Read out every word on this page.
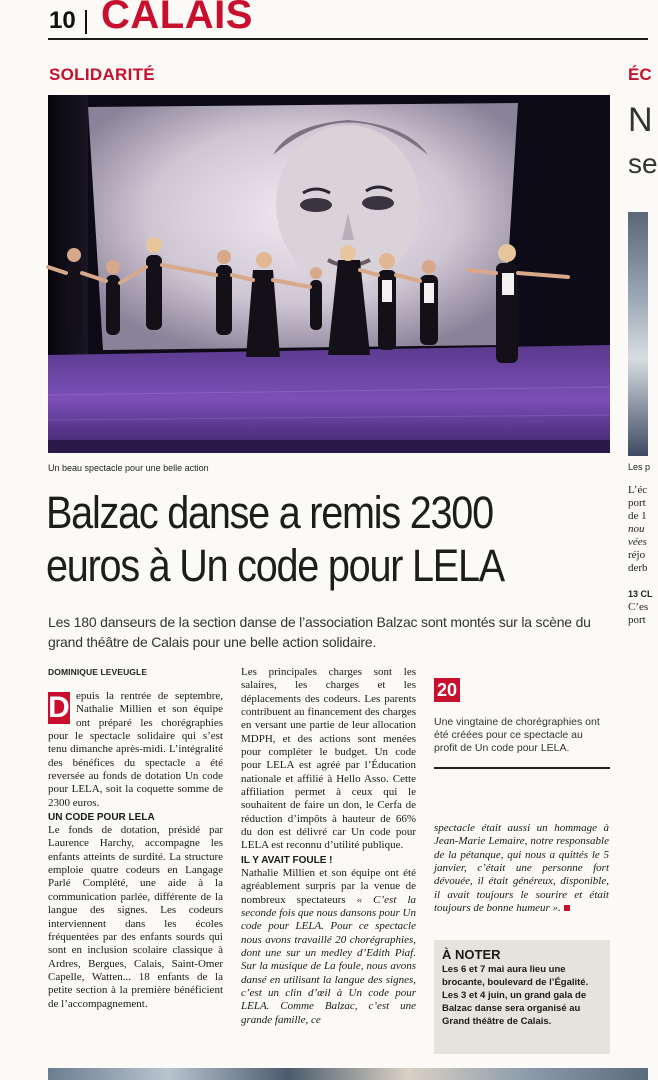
10 CALAIS
SOLIDARITÉ
Un beau spectacle pour une belle action
Balzac danse a remis 2300
euros à Un code pour LELA
Les 180 danseurs de la section danse de l’association Balzac sont montés sur la scène du grand théâtre de Calais pour une belle action solidaire.
DOMINIQUE LEVEUGLE

D epuis la rentrée de septembre, Nathalie Millien et son équipe ont préparé les chorégraphies pour le spectacle solidaire qui s’est tenu dimanche après-midi. L’intégralité des bénéfices du spectacle a été reversée au fonds de dotation Un code pour LELA, soit la coquette somme de 2300 euros.

UN CODE POUR LELA

Le fonds de dotation, présidé par Laurence Harchy, accompagne les enfants atteints de surdité. La structure emploie quatre codeurs en Langage Parlé Complété, une aide à la communication parlée, différente de la langue des signes. Les codeurs interviennent dans les écoles fréquentées par des enfants sourds qui sont en inclusion scolaire classique à Ardres, Bergues, Calais, Saint-Omer Capelle, Watten... 18 enfants de la petite section à la première bénéficient de l’accompagnement.

Les principales charges sont les salaires, les charges et les déplacements des codeurs. Les parents contribuent au financement des charges en versant une partie de leur allocation MDPH, et des actions sont menées pour compléter le budget. Un code pour LELA est agréé par l’Éducation nationale et affilié à Hello Asso. Cette affiliation permet à ceux qui le souhaitent de faire un don, le Cerfa de réduction d’impôts à hauteur de 66% du don est délivré car Un code pour LELA est reconnu d’utilité publique.

IL Y AVAIT FOULE !

Nathalie Millien et son équipe ont été agréablement surpris par la venue de nombreux spectateurs « C’est la seconde fois que nous dansons pour Un code pour LELA. Pour ce spectacle nous avons travaillé 20 chorégraphies, dont une sur un medley d’Edith Piaf. Sur la musique de La foule, nous avons dansé en utilisant la langue des signes, c’est un clin d’œil à Un code pour LELA. Comme Balzac, c’est une grande famille, ce

20
Une vingtaine de chorégraphies ont été créées pour ce spectacle au profit de Un code pour LELA.

spectacle était aussi un hommage à Jean-Marie Lemaire, notre responsable de la pétanque, qui nous a quittés le 5 janvier, c’était une personne fort dévouée, il était généreux, disponible, il avait toujours le sourire et était toujours de bonne humeur ».

À NOTER

Les 6 et 7 mai aura lieu une brocante, boulevard de l’Égalité.

Les 3 et 4 juin, un grand gala de Balzac danse sera organisé au Grand théâtre de Calais.

ÉC
N
se
Les p
L’éc
port
de 1
nou
vées
réjo
derb
13 CL
C’es
port
